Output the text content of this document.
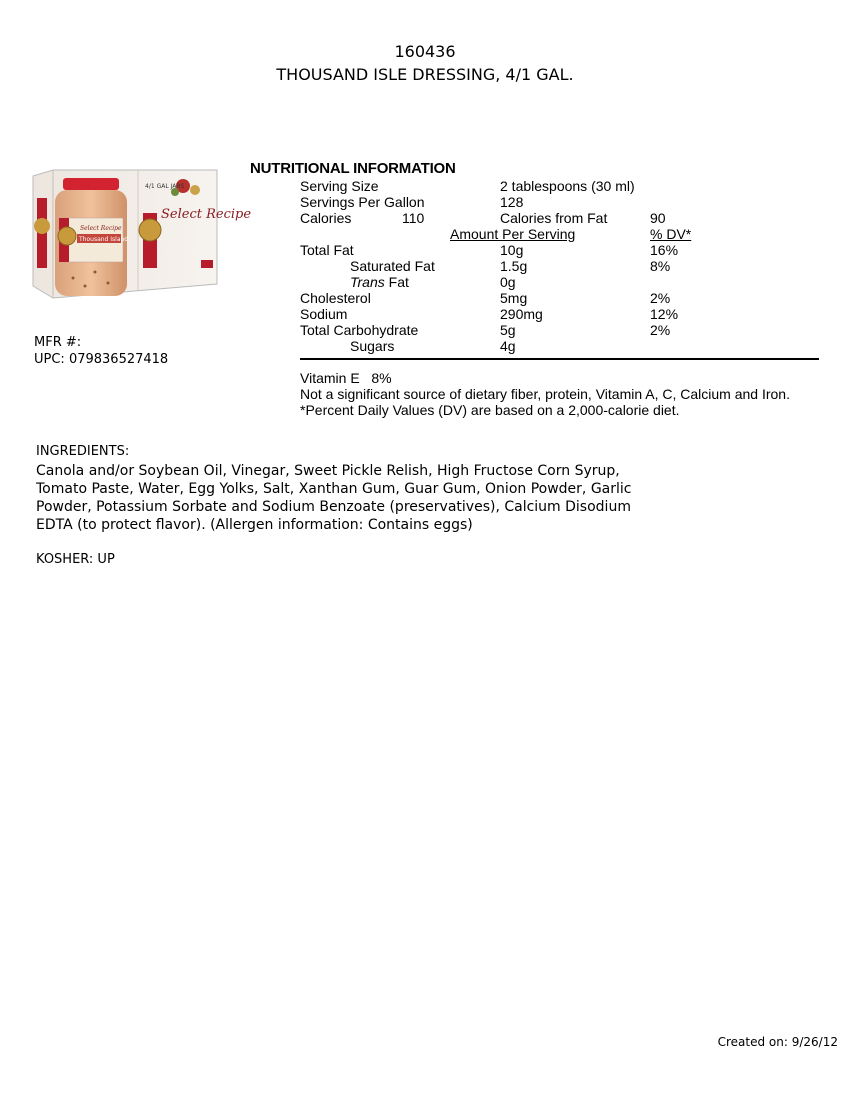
160436
THOUSAND ISLE DRESSING, 4/1 GAL.
Select Recipe
4/1 GAL JARS
Select Recipe
Thousand Island
MFR #:
UPC: 079836527418
NUTRITIONAL INFORMATION
Serving Size	2 tablespoons (30 ml)
Servings Per Gallon	128
Calories	110	Calories from Fat	90
Amount Per Serving	% DV*
Total Fat	10g	16%
Saturated Fat	1.5g	8%
Trans Fat	0g
Cholesterol	5mg	2%
Sodium	290mg	12%
Total Carbohydrate	5g	2%
Sugars	4g
Vitamin E   8%
Not a significant source of dietary fiber, protein, Vitamin A, C, Calcium and Iron.
*Percent Daily Values (DV) are based on a 2,000-calorie diet.
INGREDIENTS:
Canola and/or Soybean Oil, Vinegar, Sweet Pickle Relish, High Fructose Corn Syrup,
Tomato Paste, Water, Egg Yolks, Salt, Xanthan Gum, Guar Gum, Onion Powder, Garlic
Powder, Potassium Sorbate and Sodium Benzoate (preservatives), Calcium Disodium
EDTA (to protect flavor). (Allergen information: Contains eggs)
KOSHER: UP
Created on: 9/26/12
